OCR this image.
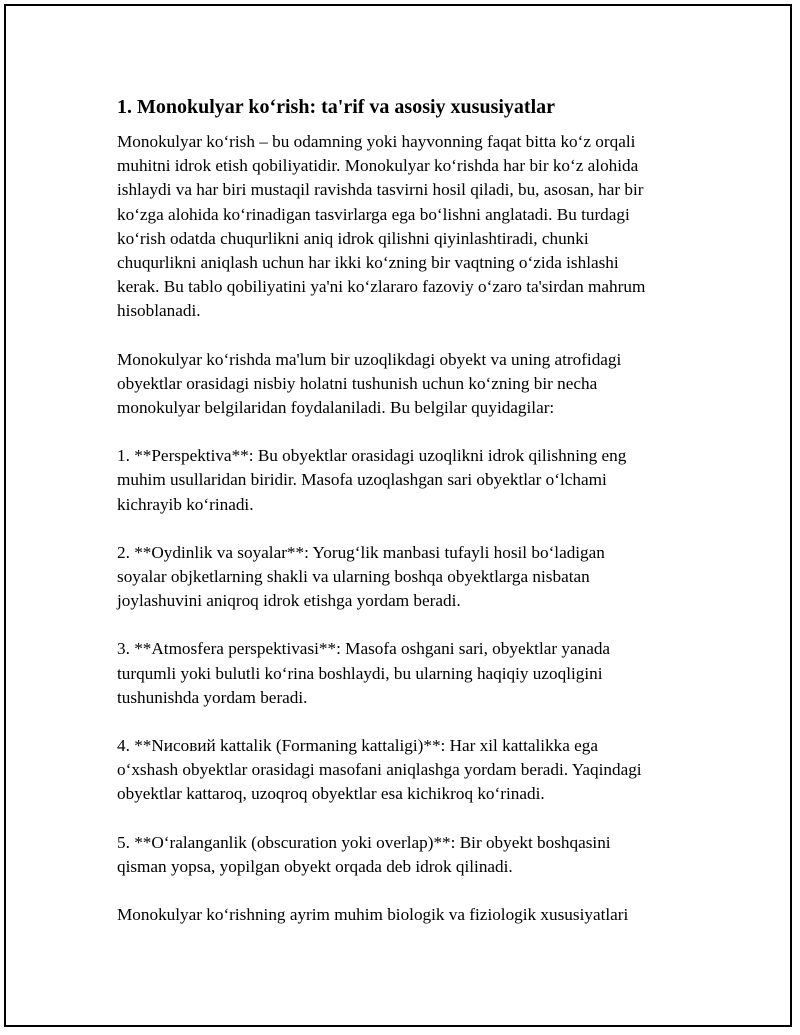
1. Monokulyar ko‘rish: ta'rif va asosiy xususiyatlar

Monokulyar ko‘rish – bu odamning yoki hayvonning faqat bitta ko‘z orqali
muhitni idrok etish qobiliyatidir. Monokulyar ko‘rishda har bir ko‘z alohida
ishlaydi va har biri mustaqil ravishda tasvirni hosil qiladi, bu, asosan, har bir
ko‘zga alohida ko‘rinadigan tasvirlarga ega bo‘lishni anglatadi. Bu turdagi
ko‘rish odatda chuqurlikni aniq idrok qilishni qiyinlashtiradi, chunki
chuqurlikni aniqlash uchun har ikki ko‘zning bir vaqtning o‘zida ishlashi
kerak. Bu tablo qobiliyatini ya'ni ko‘zlararo fazoviy o‘zaro ta'sirdan mahrum
hisoblanadi.

Monokulyar ko‘rishda ma'lum bir uzoqlikdagi obyekt va uning atrofidagi
obyektlar orasidagi nisbiy holatni tushunish uchun ko‘zning bir necha
monokulyar belgilaridan foydalaniladi. Bu belgilar quyidagilar:

1. **Perspektiva**: Bu obyektlar orasidagi uzoqlikni idrok qilishning eng
muhim usullaridan biridir. Masofa uzoqlashgan sari obyektlar o‘lchami
kichrayib ko‘rinadi.

2. **Oydinlik va soyalar**: Yorug‘lik manbasi tufayli hosil bo‘ladigan
soyalar objketlarning shakli va ularning boshqa obyektlarga nisbatan
joylashuvini aniqroq idrok etishga yordam beradi.

3. **Atmosfera perspektivasi**: Masofa oshgani sari, obyektlar yanada
turqumli yoki bulutli ko‘rina boshlaydi, bu ularning haqiqiy uzoqligini
tushunishda yordam beradi.

4. **Nисовий kattalik (Formaning kattaligi)**: Har xil kattalikka ega
o‘xshash obyektlar orasidagi masofani aniqlashga yordam beradi. Yaqindagi
obyektlar kattaroq, uzoqroq obyektlar esa kichikroq ko‘rinadi.

5. **O‘ralanganlik (obscuration yoki overlap)**: Bir obyekt boshqasini
qisman yopsa, yopilgan obyekt orqada deb idrok qilinadi.

Monokulyar ko‘rishning ayrim muhim biologik va fiziologik xususiyatlari
